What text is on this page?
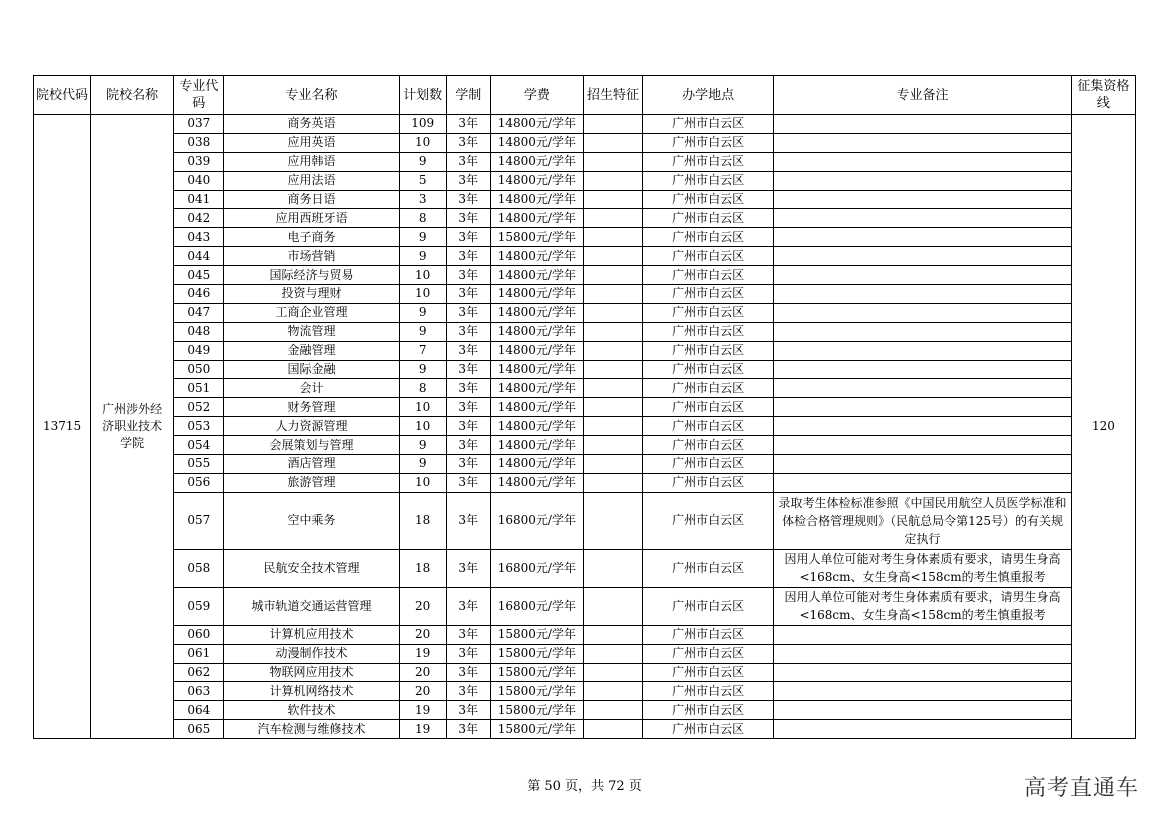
院校代码	院校名称	专业代码	专业名称	计划数	学制	学费	招生特征	办学地点	专业备注	征集资格线
13715	广州涉外经济职业技术学院	037	商务英语	109	3年	14800元/学年		广州市白云区		120
		038	应用英语	10	3年	14800元/学年		广州市白云区		
		039	应用韩语	9	3年	14800元/学年		广州市白云区		
		040	应用法语	5	3年	14800元/学年		广州市白云区		
		041	商务日语	3	3年	14800元/学年		广州市白云区		
		042	应用西班牙语	8	3年	14800元/学年		广州市白云区		
		043	电子商务	9	3年	15800元/学年		广州市白云区		
		044	市场营销	9	3年	14800元/学年		广州市白云区		
		045	国际经济与贸易	10	3年	14800元/学年		广州市白云区		
		046	投资与理财	10	3年	14800元/学年		广州市白云区		
		047	工商企业管理	9	3年	14800元/学年		广州市白云区		
		048	物流管理	9	3年	14800元/学年		广州市白云区		
		049	金融管理	7	3年	14800元/学年		广州市白云区		
		050	国际金融	9	3年	14800元/学年		广州市白云区		
		051	会计	8	3年	14800元/学年		广州市白云区		
		052	财务管理	10	3年	14800元/学年		广州市白云区		
		053	人力资源管理	10	3年	14800元/学年		广州市白云区		
		054	会展策划与管理	9	3年	14800元/学年		广州市白云区		
		055	酒店管理	9	3年	14800元/学年		广州市白云区		
		056	旅游管理	10	3年	14800元/学年		广州市白云区		
		057	空中乘务	18	3年	16800元/学年		广州市白云区	录取考生体检标准参照《中国民用航空人员医学标准和体检合格管理规则》（民航总局令第125号）的有关规定执行	
		058	民航安全技术管理	18	3年	16800元/学年		广州市白云区	因用人单位可能对考生身体素质有要求，请男生身高<168cm、女生身高<158cm的考生慎重报考	
		059	城市轨道交通运营管理	20	3年	16800元/学年		广州市白云区	因用人单位可能对考生身体素质有要求，请男生身高<168cm、女生身高<158cm的考生慎重报考	
		060	计算机应用技术	20	3年	15800元/学年		广州市白云区		
		061	动漫制作技术	19	3年	15800元/学年		广州市白云区		
		062	物联网应用技术	20	3年	15800元/学年		广州市白云区		
		063	计算机网络技术	20	3年	15800元/学年		广州市白云区		
		064	软件技术	19	3年	15800元/学年		广州市白云区		
		065	汽车检测与维修技术	19	3年	15800元/学年		广州市白云区		
第 50 页，共 72 页	高考直通车
